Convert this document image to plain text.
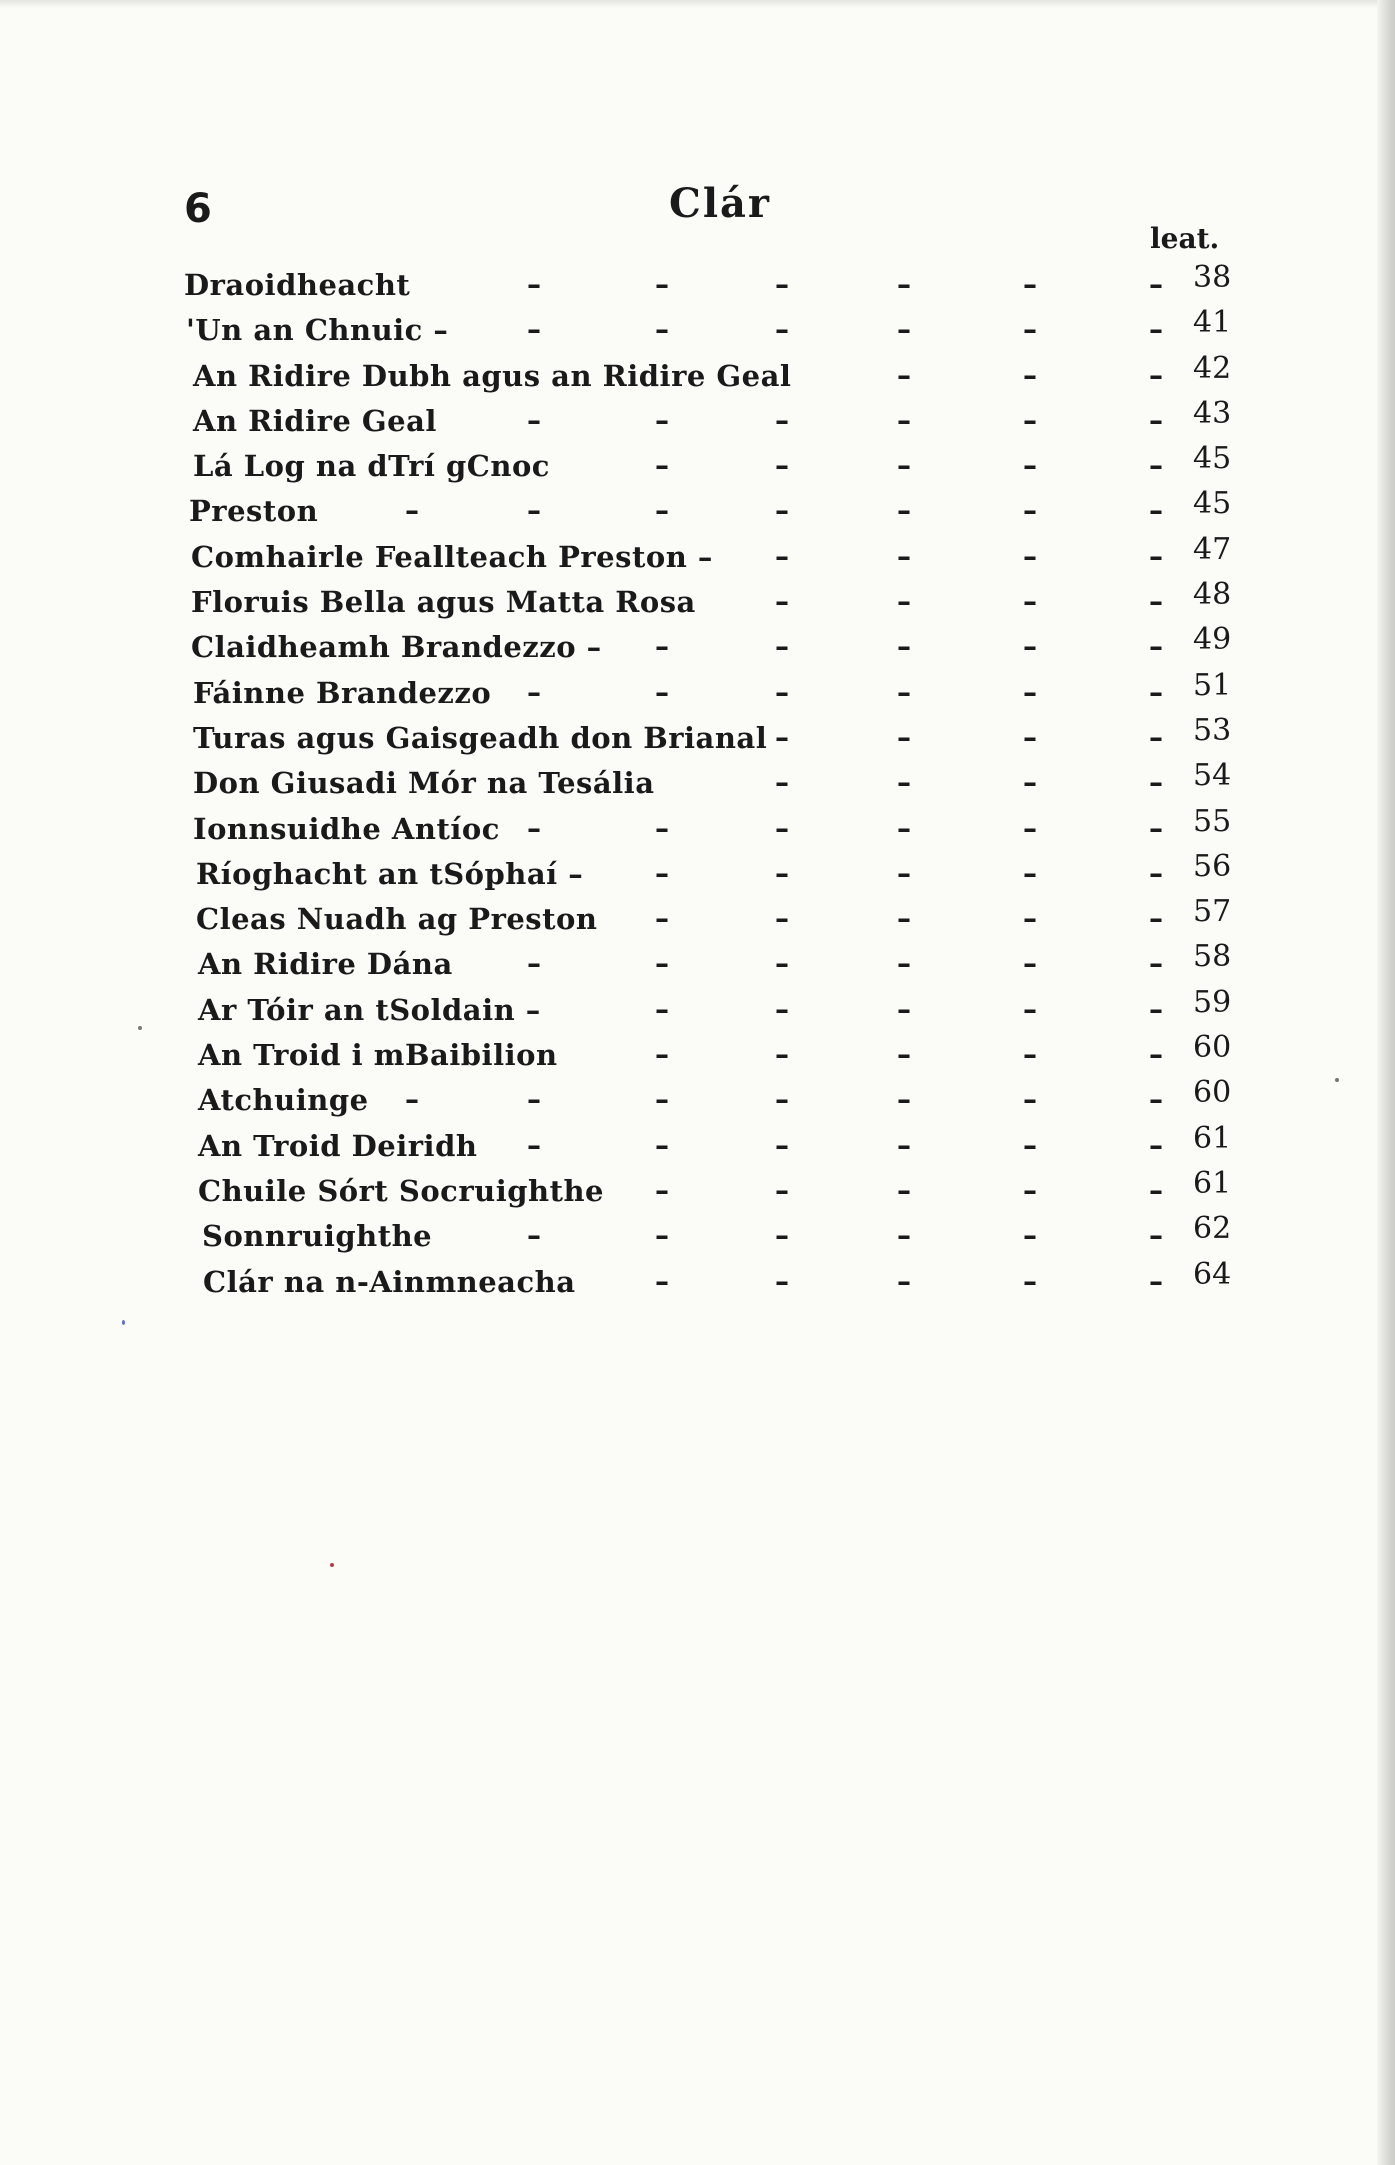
6	Clár
leat.
Draoidheacht	–	–	–	–	–	– 38
'Un an Chnuic –	–	–	–	–	–	– 41
An Ridire Dubh agus an Ridire Geal	–	–	– 42
An Ridire Geal	–	–	–	–	–	– 43
Lá Log na dTrí gCnoc	–	–	–	–	– 45
Preston	–	–	–	–	–	–	– 45
Comhairle Feallteach Preston – –	–	–	– 47
Floruis Bella agus Matta Rosa	–	–	–	– 48
Claidheamh Brandezzo – –	–	–	–	– 49
Fáinne Brandezzo –	–	–	–	–	– 51
Turas agus Gaisgeadh don Brianal –	–	–	– 53
Don Giusadi Mór na Tesália	–	–	–	– 54
Ionnsuidhe Antíoc –	–	–	–	–	– 55
Ríoghacht an tSóphaí –	–	–	–	–	– 56
Cleas Nuadh ag Preston –	–	–	–	– 57
An Ridire Dána	–	–	–	–	–	– 58
Ar Tóir an tSoldain –	–	–	–	–	– 59
An Troid i mBaibilion	–	–	–	–	– 60
Atchuinge –	–	–	–	–	–	– 60
An Troid Deiridh –	–	–	–	–	– 61
Chuile Sórt Socruighthe –	–	–	–	– 61
Sonnruighthe	–	–	–	–	–	– 62
Clár na n-Ainmneacha	–	–	–	–	– 64
